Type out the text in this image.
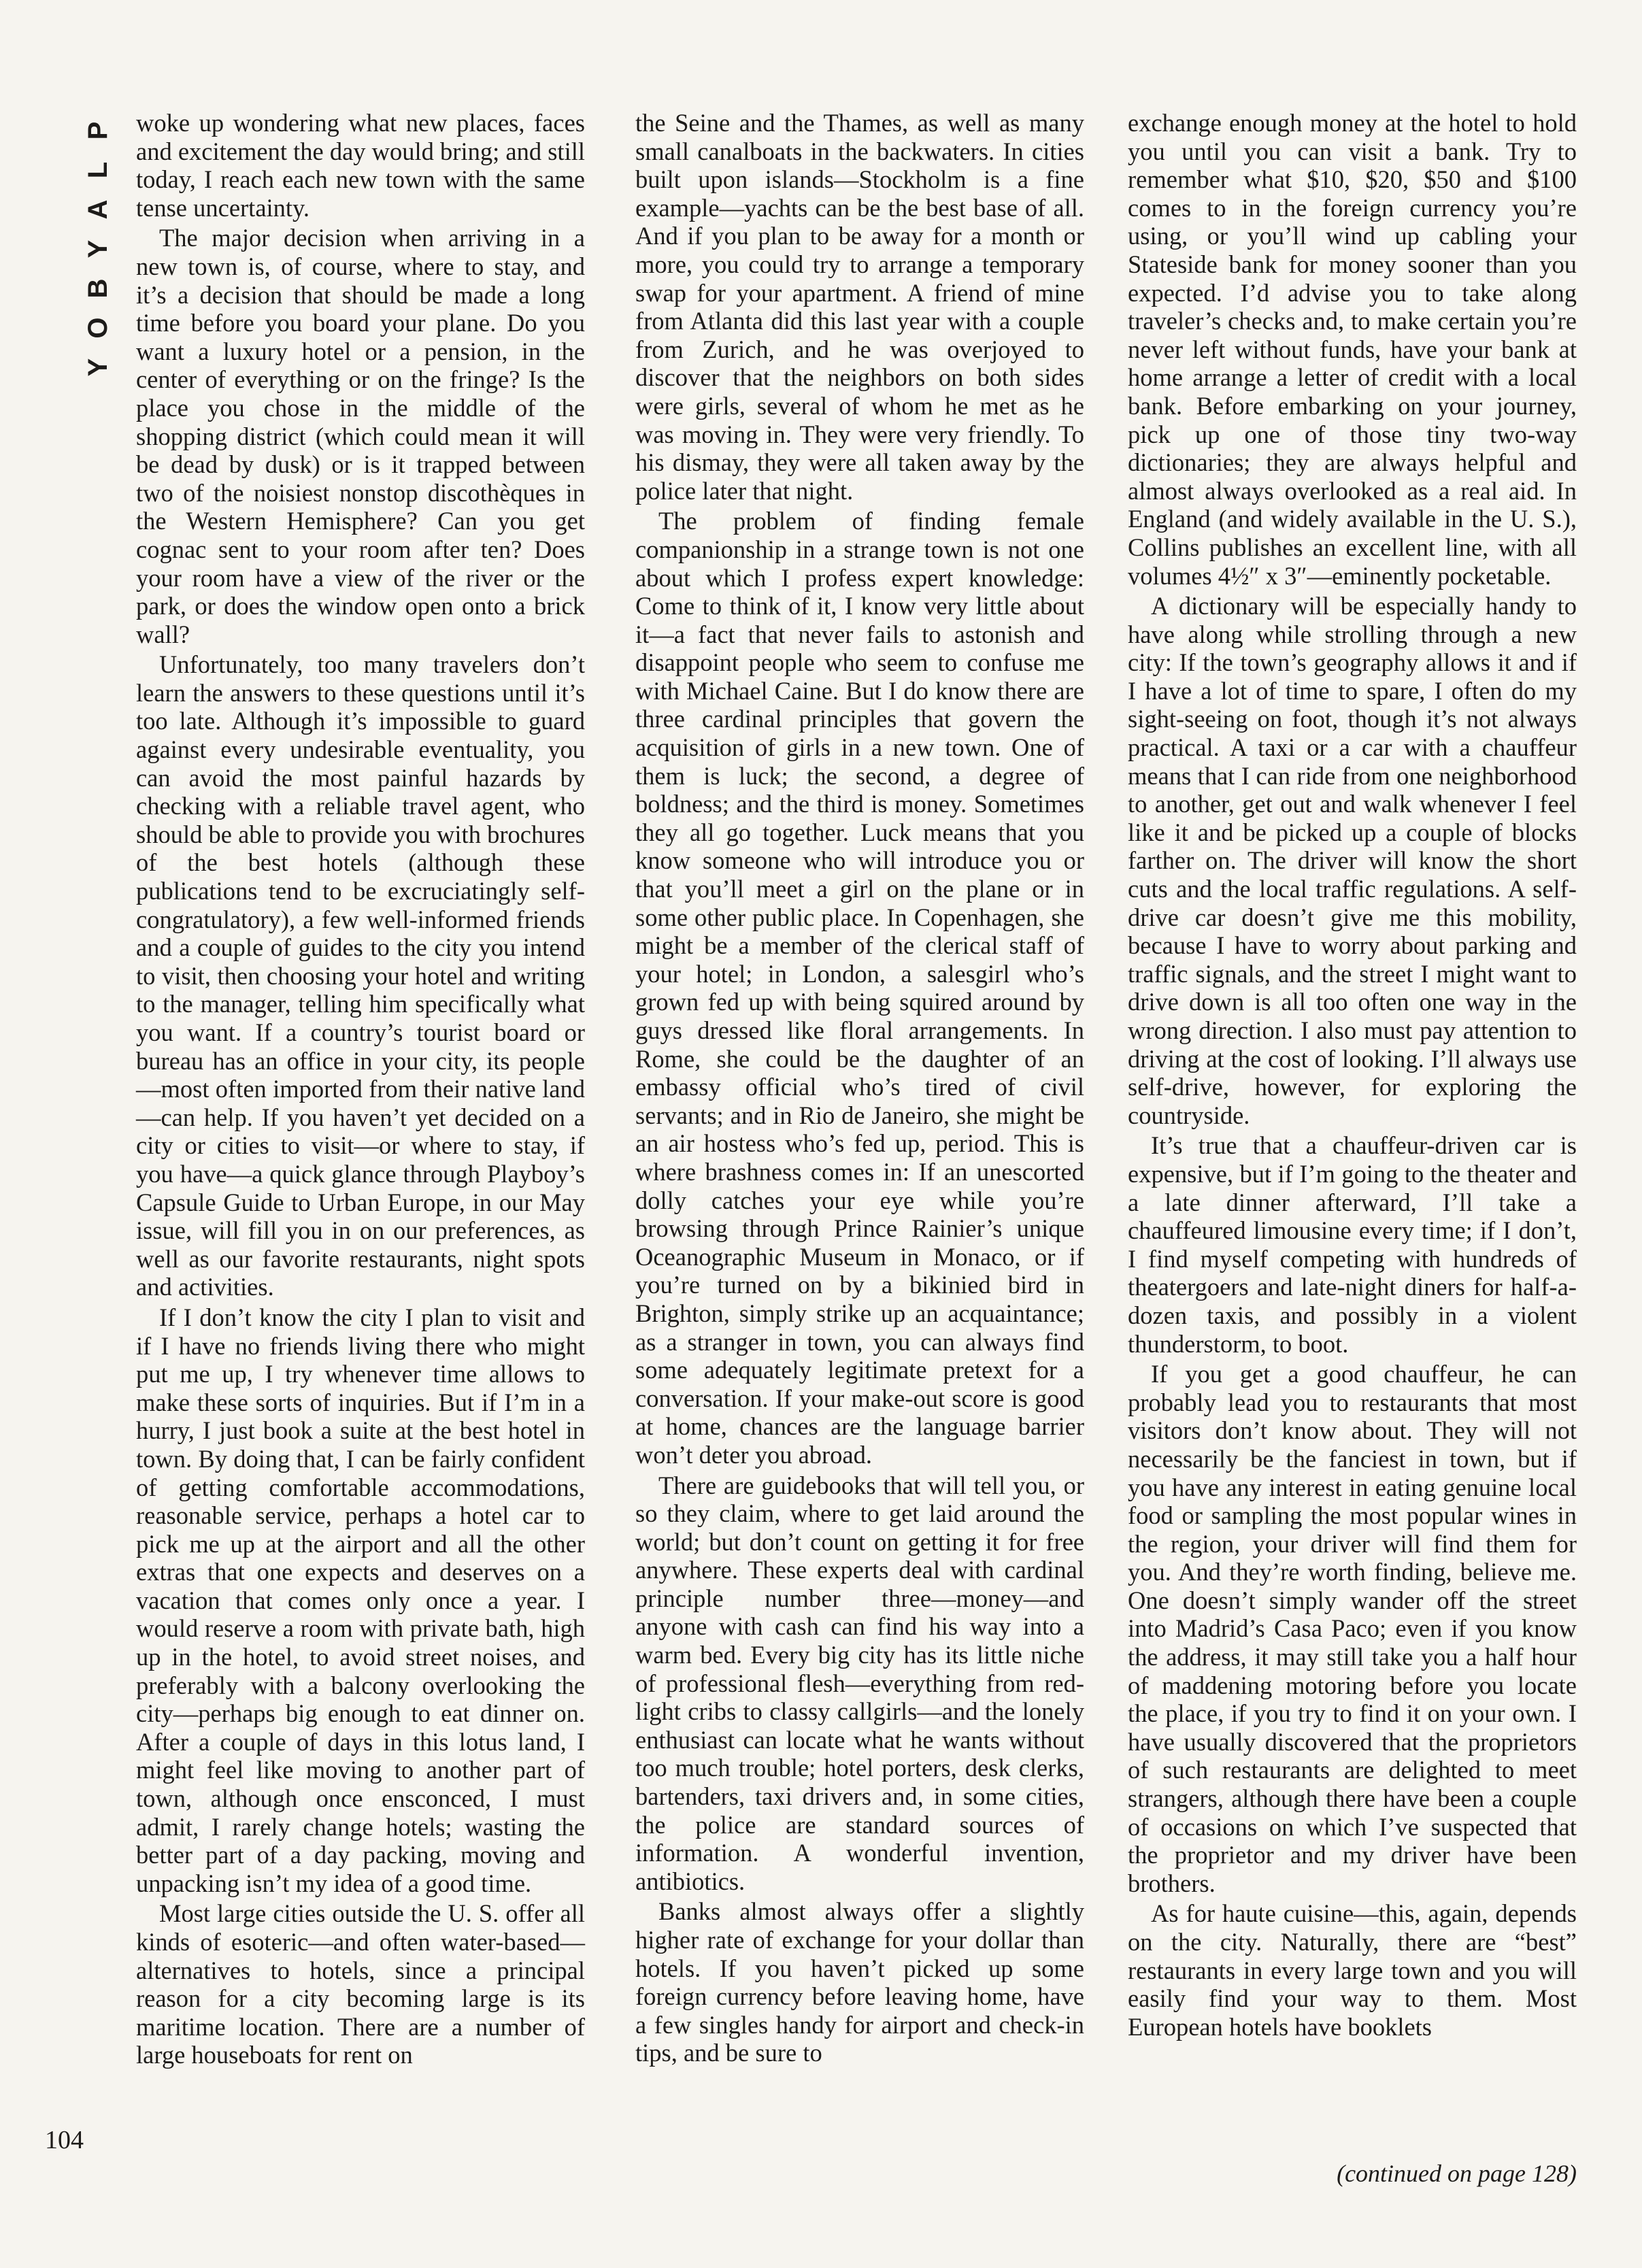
P
L
A
Y
B
O
Y
104

woke up wondering what new places, faces and excitement the day would bring; and still today, I reach each new town with the same tense uncertainty.

The major decision when arriving in a new town is, of course, where to stay, and it’s a decision that should be made a long time before you board your plane. Do you want a luxury hotel or a pension, in the center of everything or on the fringe? Is the place you chose in the middle of the shopping district (which could mean it will be dead by dusk) or is it trapped between two of the noisiest nonstop discothèques in the Western Hemisphere? Can you get cognac sent to your room after ten? Does your room have a view of the river or the park, or does the window open onto a brick wall?

Unfortunately, too many travelers don’t learn the answers to these questions until it’s too late. Although it’s impossible to guard against every undesirable eventuality, you can avoid the most painful hazards by checking with a reliable travel agent, who should be able to provide you with brochures of the best hotels (although these publications tend to be excruciatingly self-congratulatory), a few well-informed friends and a couple of guides to the city you intend to visit, then choosing your hotel and writing to the manager, telling him specifically what you want. If a country’s tourist board or bureau has an office in your city, its people—most often imported from their native land—can help. If you haven’t yet decided on a city or cities to visit—or where to stay, if you have—a quick glance through Playboy’s Capsule Guide to Urban Europe, in our May issue, will fill you in on our preferences, as well as our favorite restaurants, night spots and activities.

If I don’t know the city I plan to visit and if I have no friends living there who might put me up, I try whenever time allows to make these sorts of inquiries. But if I’m in a hurry, I just book a suite at the best hotel in town. By doing that, I can be fairly confident of getting comfortable accommodations, reasonable service, perhaps a hotel car to pick me up at the airport and all the other extras that one expects and deserves on a vacation that comes only once a year. I would reserve a room with private bath, high up in the hotel, to avoid street noises, and preferably with a balcony overlooking the city—perhaps big enough to eat dinner on. After a couple of days in this lotus land, I might feel like moving to another part of town, although once ensconced, I must admit, I rarely change hotels; wasting the better part of a day packing, moving and unpacking isn’t my idea of a good time.

Most large cities outside the U. S. offer all kinds of esoteric—and often water-based—alternatives to hotels, since a principal reason for a city becoming large is its maritime location. There are a number of large houseboats for rent on

the Seine and the Thames, as well as many small canalboats in the backwaters. In cities built upon islands—Stockholm is a fine example—yachts can be the best base of all. And if you plan to be away for a month or more, you could try to arrange a temporary swap for your apartment. A friend of mine from Atlanta did this last year with a couple from Zurich, and he was overjoyed to discover that the neighbors on both sides were girls, several of whom he met as he was moving in. They were very friendly. To his dismay, they were all taken away by the police later that night.

The problem of finding female companionship in a strange town is not one about which I profess expert knowledge: Come to think of it, I know very little about it—a fact that never fails to astonish and disappoint people who seem to confuse me with Michael Caine. But I do know there are three cardinal principles that govern the acquisition of girls in a new town. One of them is luck; the second, a degree of boldness; and the third is money. Sometimes they all go together. Luck means that you know someone who will introduce you or that you’ll meet a girl on the plane or in some other public place. In Copenhagen, she might be a member of the clerical staff of your hotel; in London, a salesgirl who’s grown fed up with being squired around by guys dressed like floral arrangements. In Rome, she could be the daughter of an embassy official who’s tired of civil servants; and in Rio de Janeiro, she might be an air hostess who’s fed up, period. This is where brashness comes in: If an unescorted dolly catches your eye while you’re browsing through Prince Rainier’s unique Oceanographic Museum in Monaco, or if you’re turned on by a bikinied bird in Brighton, simply strike up an acquaintance; as a stranger in town, you can always find some adequately legitimate pretext for a conversation. If your make-out score is good at home, chances are the language barrier won’t deter you abroad.

There are guidebooks that will tell you, or so they claim, where to get laid around the world; but don’t count on getting it for free anywhere. These experts deal with cardinal principle number three—money—and anyone with cash can find his way into a warm bed. Every big city has its little niche of professional flesh—everything from red-light cribs to classy callgirls—and the lonely enthusiast can locate what he wants without too much trouble; hotel porters, desk clerks, bartenders, taxi drivers and, in some cities, the police are standard sources of information. A wonderful invention, antibiotics.

Banks almost always offer a slightly higher rate of exchange for your dollar than hotels. If you haven’t picked up some foreign currency before leaving home, have a few singles handy for airport and check-in tips, and be sure to

exchange enough money at the hotel to hold you until you can visit a bank. Try to remember what $10, $20, $50 and $100 comes to in the foreign currency you’re using, or you’ll wind up cabling your Stateside bank for money sooner than you expected. I’d advise you to take along traveler’s checks and, to make certain you’re never left without funds, have your bank at home arrange a letter of credit with a local bank. Before embarking on your journey, pick up one of those tiny two-way dictionaries; they are always helpful and almost always overlooked as a real aid. In England (and widely available in the U. S.), Collins publishes an excellent line, with all volumes 4½″ x 3″—eminently pocketable.

A dictionary will be especially handy to have along while strolling through a new city: If the town’s geography allows it and if I have a lot of time to spare, I often do my sight-seeing on foot, though it’s not always practical. A taxi or a car with a chauffeur means that I can ride from one neighborhood to another, get out and walk whenever I feel like it and be picked up a couple of blocks farther on. The driver will know the short cuts and the local traffic regulations. A self-drive car doesn’t give me this mobility, because I have to worry about parking and traffic signals, and the street I might want to drive down is all too often one way in the wrong direction. I also must pay attention to driving at the cost of looking. I’ll always use self-drive, however, for exploring the countryside.

It’s true that a chauffeur-driven car is expensive, but if I’m going to the theater and a late dinner afterward, I’ll take a chauffeured limousine every time; if I don’t, I find myself competing with hundreds of theatergoers and late-night diners for half-a-dozen taxis, and possibly in a violent thunderstorm, to boot.

If you get a good chauffeur, he can probably lead you to restaurants that most visitors don’t know about. They will not necessarily be the fanciest in town, but if you have any interest in eating genuine local food or sampling the most popular wines in the region, your driver will find them for you. And they’re worth finding, believe me. One doesn’t simply wander off the street into Madrid’s Casa Paco; even if you know the address, it may still take you a half hour of maddening motoring before you locate the place, if you try to find it on your own. I have usually discovered that the proprietors of such restaurants are delighted to meet strangers, although there have been a couple of occasions on which I’ve suspected that the proprietor and my driver have been brothers.

As for haute cuisine—this, again, depends on the city. Naturally, there are “best” restaurants in every large town and you will easily find your way to them. Most European hotels have booklets

(continued on page 128)
